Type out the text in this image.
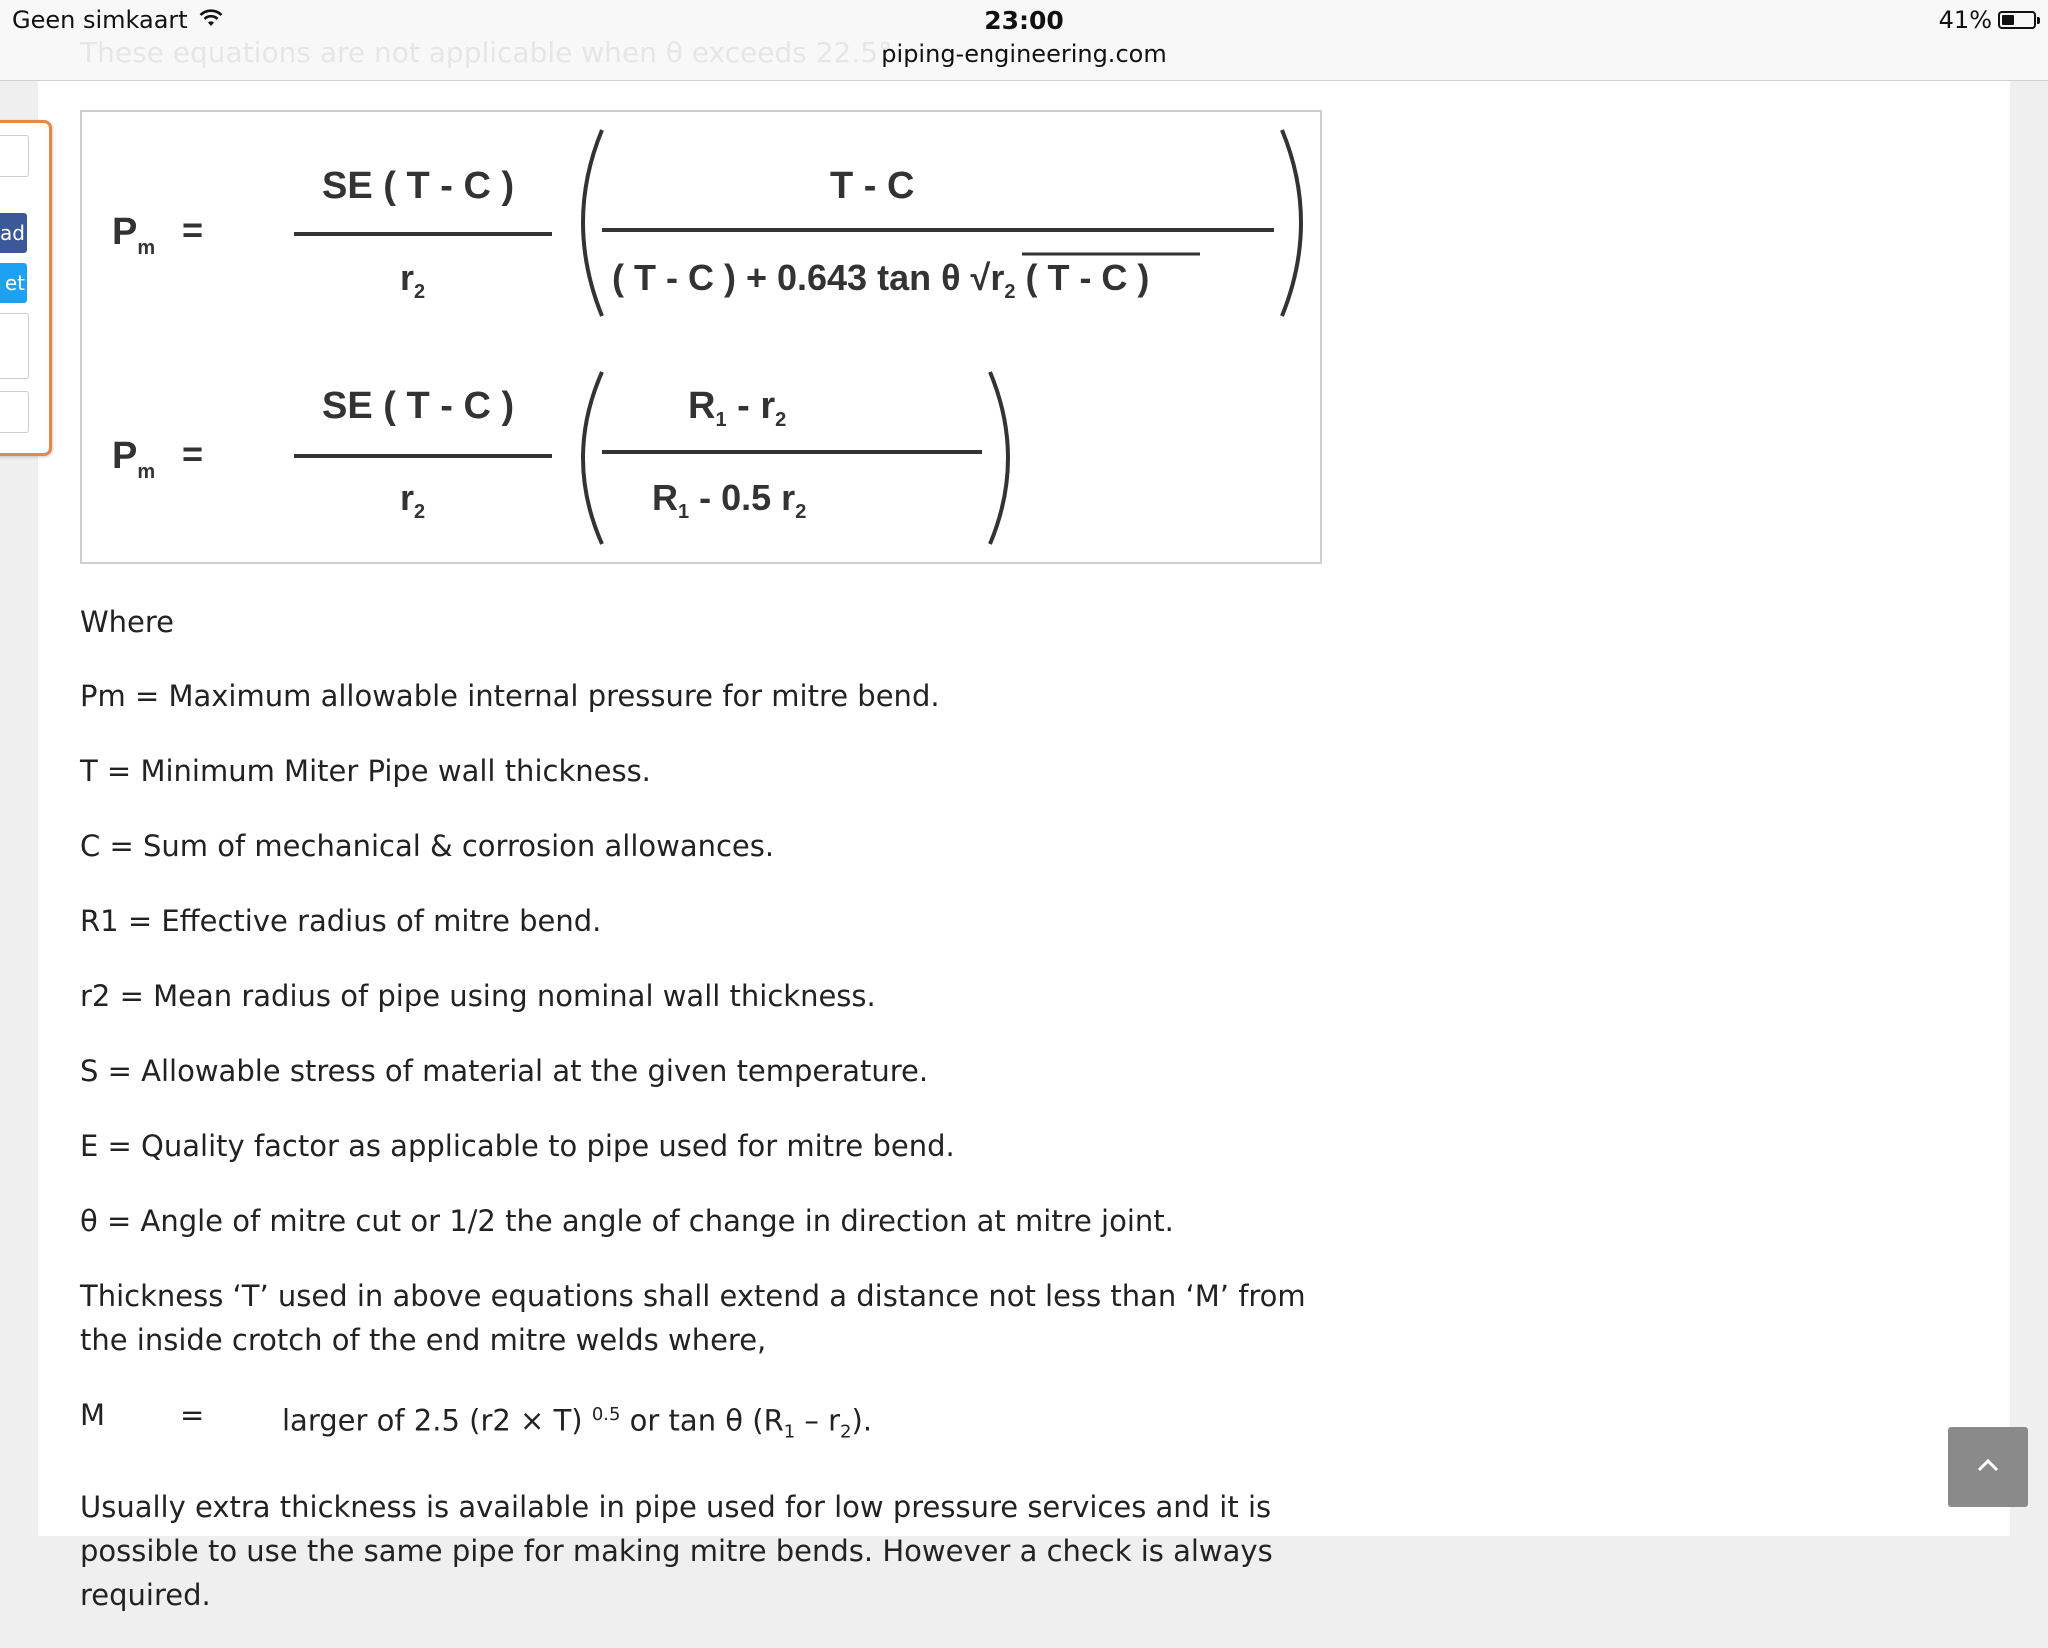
Geen simkaart	23:00
piping-engineering.com
41%
These equations are not applicable when θ exceeds 22.5°
ad
et
$P_m$ =
SE ( T - C )
$r_2$
T - C
( T - C ) + 0.643 tan θ $√r_2$ ( T - C )
$P_m$ =
SE ( T - C )
$r_2$
$R_1 - r_2$
$R_1 - 0.5$ $r_2$

Where

Pm = Maximum allowable internal pressure for mitre bend.

T = Minimum Miter Pipe wall thickness.

C = Sum of mechanical & corrosion allowances.

R1 = Effective radius of mitre bend.

r2 = Mean radius of pipe using nominal wall thickness.

S = Allowable stress of material at the given temperature.

E = Quality factor as applicable to pipe used for mitre bend.

θ = Angle of mitre cut or 1/2 the angle of change in direction at mitre joint.

Thickness ‘T’ used in above equations shall extend a distance not less than ‘M’ from the inside crotch of the end mitre welds where,

M	=	larger of 2.5 (r2 × T) $^{0.5}$ or tan θ $(R_1 - r_2)$.

Usually extra thickness is available in pipe used for low pressure services and it is possible to use the same pipe for making mitre bends. However a check is always required.
